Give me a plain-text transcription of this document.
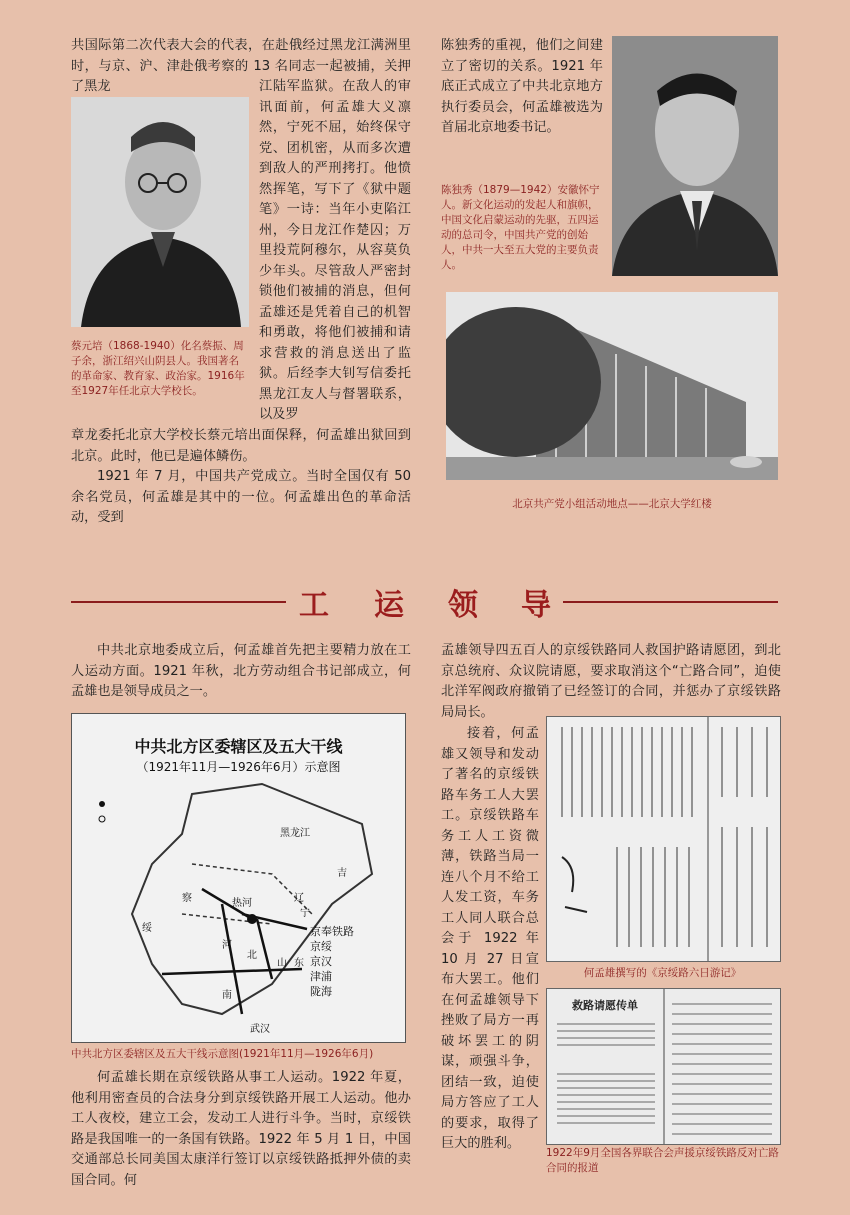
共国际第二次代表大会的代表，在赴俄经过黑龙江满洲里时，与京、沪、津赴俄考察的 13 名同志一起被捕，关押了黑龙

蔡元培（1868-1940）化名蔡振、周子余，浙江绍兴山阴县人。我国著名的革命家、教育家、政治家。1916年至1927年任北京大学校长。

江陆军监狱。在敌人的审讯面前，何孟雄大义凛然，宁死不屈，始终保守党、团机密，从而多次遭到敌人的严刑拷打。他愤然挥笔，写下了《狱中题笔》一诗：当年小吏陷江州，今日龙江作楚囚；万里投荒阿穆尔，从容莫负少年头。尽管敌人严密封锁他们被捕的消息，但何孟雄还是凭着自己的机智和勇敢，将他们被捕和请求营救的消息送出了监狱。后经李大钊写信委托黑龙江友人与督署联系，以及罗

章龙委托北京大学校长蔡元培出面保释，何孟雄出狱回到北京。此时，他已是遍体鳞伤。

1921 年 7 月，中国共产党成立。当时全国仅有 50 余名党员，何孟雄是其中的一位。何孟雄出色的革命活动，受到

陈独秀的重视，他们之间建立了密切的关系。1921 年底正式成立了中共北京地方执行委员会，何孟雄被选为首届北京地委书记。

陈独秀（1879—1942）安徽怀宁人。新文化运动的发起人和旗帜，中国文化启蒙运动的先驱，五四运动的总司令，中国共产党的创始人，中共一大至五大党的主要负责人。

北京共产党小组活动地点——北京大学红楼

工 运 领 导

中共北京地委成立后，何孟雄首先把主要精力放在工人运动方面。1921 年秋，北方劳动组合书记部成立，何孟雄也是领导成员之一。

中共北方区委辖区及五大干线
（1921年11月—1926年6月）示意图
京奉铁路
京绥
京汉
津浦
陇海
黑龙江
吉
辽
宁
热河
察
绥
河
北
南
山 东
武汉

中共北方区委辖区及五大干线示意图(1921年11月—1926年6月)

何孟雄长期在京绥铁路从事工人运动。1922 年夏，他利用密查员的合法身分到京绥铁路开展工人运动。他办工人夜校，建立工会，发动工人进行斗争。当时，京绥铁路是我国唯一的一条国有铁路。1922 年 5 月 1 日，中国交通部总长同美国太康洋行签订以京绥铁路抵押外债的卖国合同。何

孟雄领导四五百人的京绥铁路同人救国护路请愿团，到北京总统府、众议院请愿，要求取消这个“亡路合同”，迫使北洋军阀政府撤销了已经签订的合同，并惩办了京绥铁路局局长。

接着，何孟雄又领导和发动了著名的京绥铁路车务工人大罢工。京绥铁路车务工人工资微薄，铁路当局一连八个月不给工人发工资，车务工人同人联合总会于 1922 年 10 月 27 日宣布大罢工。他们在何孟雄领导下挫败了局方一再破坏罢工的阴谋，顽强斗争，团结一致，迫使局方答应了工人的要求，取得了巨大的胜利。

何孟雄撰写的《京绥路六日游记》

救路请愿传单

1922年9月全国各界联合会声援京绥铁路反对亡路合同的报道
